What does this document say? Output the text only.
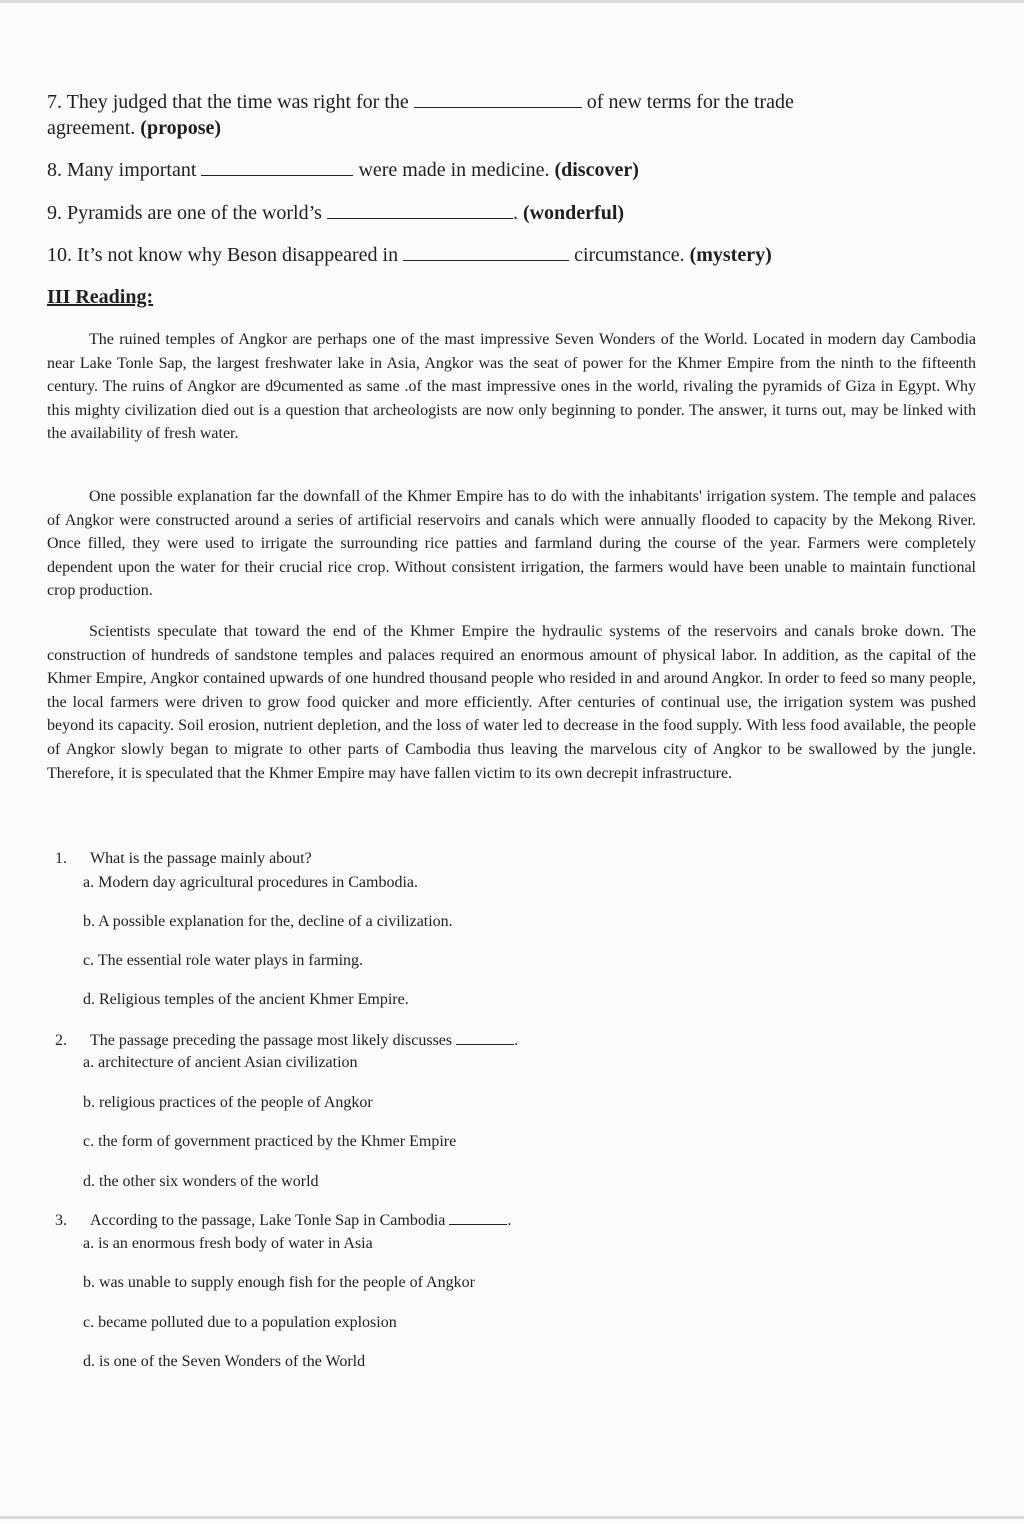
7. They judged that the time was right for the	of new terms for the trade
agreement. (propose)
8. Many important	were made in medicine. (discover)
9. Pyramids are one of the world’s	. (wonderful)
10. It’s not know why Beson disappeared in	circumstance. (mystery)
III Reading:

The ruined temples of Angkor are perhaps one of the mast impressive Seven Wonders of the World. Located in modern day Cambodia near Lake Tonle Sap, the largest freshwater lake in Asia, Angkor was the seat of power for the Khmer Empire from the ninth to the fifteenth century. The ruins of Angkor are d9cumented as same .of the mast impressive ones in the world, rivaling the pyramids of Giza in Egypt. Why this mighty civilization died out is a question that archeologists are now only beginning to ponder. The answer, it turns out, may be linked with the availability of fresh water.

One possible explanation far the downfall of the Khmer Empire has to do with the inhabitants' irrigation system. The temple and palaces of Angkor were constructed around a series of artificial reservoirs and canals which were annually flooded to capacity by the Mekong River. Once filled, they were used to irrigate the surrounding rice patties and farmland during the course of the year. Farmers were completely dependent upon the water for their crucial rice crop. Without consistent irrigation, the farmers would have been unable to maintain functional crop production.

Scientists speculate that toward the end of the Khmer Empire the hydraulic systems of the reservoirs and canals broke down. The construction of hundreds of sandstone temples and palaces required an enormous amount of physical labor. In addition, as the capital of the Khmer Empire, Angkor contained upwards of one hundred thousand people who resided in and around Angkor. In order to feed so many people, the local farmers were driven to grow food quicker and more efficiently. After centuries of continual use, the irrigation system was pushed beyond its capacity. Soil erosion, nutrient depletion, and the loss of water led to decrease in the food supply. With less food available, the people of Angkor slowly began to migrate to other parts of Cambodia thus leaving the marvelous city of Angkor to be swallowed by the jungle. Therefore, it is speculated that the Khmer Empire may have fallen victim to its own decrepit infrastructure.

1. What is the passage mainly about?
a. Modern day agricultural procedures in Cambodia.
b. A possible explanation for the, decline of a civilization.
c. The essential role water plays in farming.
d. Religious temples of the ancient Khmer Empire.
2. The passage preceding the passage most likely discusses	.
a. architecture of ancient Asian civilization
b. religious practices of the people of Angkor
c. the form of government practiced by the Khmer Empire
d. the other six wonders of the world
3. According to the passage, Lake Tonle Sap in Cambodia	.
a. is an enormous fresh body of water in Asia
b. was unable to supply enough fish for the people of Angkor
c. became polluted due to a population explosion
d. is one of the Seven Wonders of the World
